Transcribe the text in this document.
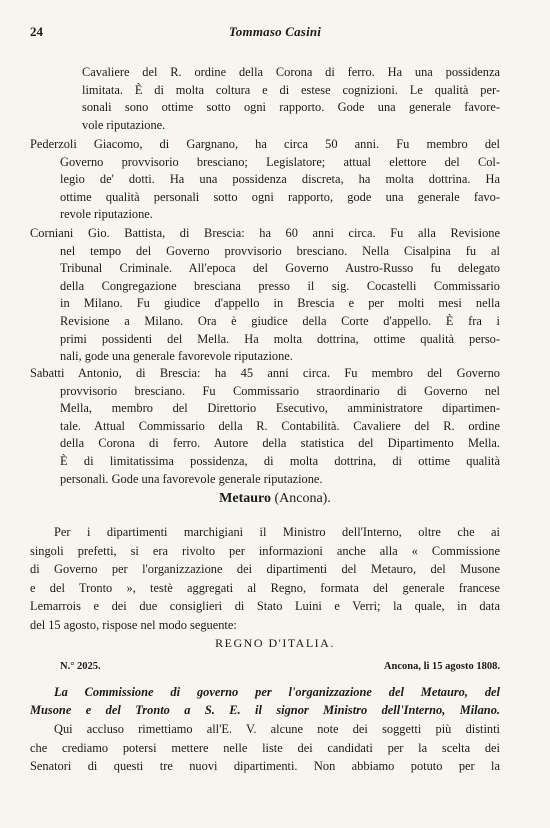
24	Tommaso Casini
Cavaliere del R. ordine della Corona di ferro. Ha una possidenza
limitata. È di molta coltura e di estese cognizioni. Le qualità per-
sonali sono ottime sotto ogni rapporto. Gode una generale favore-
vole riputazione.
Pederzoli Giacomo, di Gargnano, ha circa 50 anni. Fu membro del
Governo provvisorio bresciano; Legislatore; attual elettore del Col-
legio de' dotti. Ha una possidenza discreta, ha molta dottrina. Ha
ottime qualità personali sotto ogni rapporto, gode una generale favo-
revole riputazione.
Corniani Gio. Battista, di Brescia: ha 60 anni circa. Fu alla Revisione
nel tempo del Governo provvisorio bresciano. Nella Cisalpina fu al
Tribunal Criminale. All'epoca del Governo Austro-Russo fu delegato
della Congregazione bresciana presso il sig. Cocastelli Commissario
in Milano. Fu giudice d'appello in Brescia e per molti mesi nella
Revisione a Milano. Ora è giudice della Corte d'appello. È fra i
primi possidenti del Mella. Ha molta dottrina, ottime qualità perso-
nali, gode una generale favorevole riputazione.
Sabatti Antonio, di Brescia: ha 45 anni circa. Fu membro del Governo
provvisorio bresciano. Fu Commissario straordinario di Governo nel
Mella, membro del Direttorio Esecutivo, amministratore dipartimen-
tale. Attual Commissario della R. Contabilità. Cavaliere del R. ordine
della Corona di ferro. Autore della statistica del Dipartimento Mella.
È di limitatissima possidenza, di molta dottrina, di ottime qualità
personali. Gode una favorevole generale riputazione.
Metauro (Ancona).
Per i dipartimenti marchigiani il Ministro dell'Interno, oltre che ai
singoli prefetti, si era rivolto per informazioni anche alla « Commissione
di Governo per l'organizzazione dei dipartimenti del Metauro, del Musone
e del Tronto », testè aggregati al Regno, formata del generale francese
Lemarrois e dei due consiglieri di Stato Luini e Verri; la quale, in data
del 15 agosto, rispose nel modo seguente:
REGNO D'ITALIA.
N.° 2025.	Ancona, li 15 agosto 1808.
La Commissione di governo per l'organizzazione del Metauro, del
Musone e del Tronto a S. E. il signor Ministro dell'Interno, Milano.
Qui accluso rimettiamo all'E. V. alcune note dei soggetti più distinti
che crediamo potersi mettere nelle liste dei candidati per la scelta dei
Senatori di questi tre nuovi dipartimenti. Non abbiamo potuto per la
